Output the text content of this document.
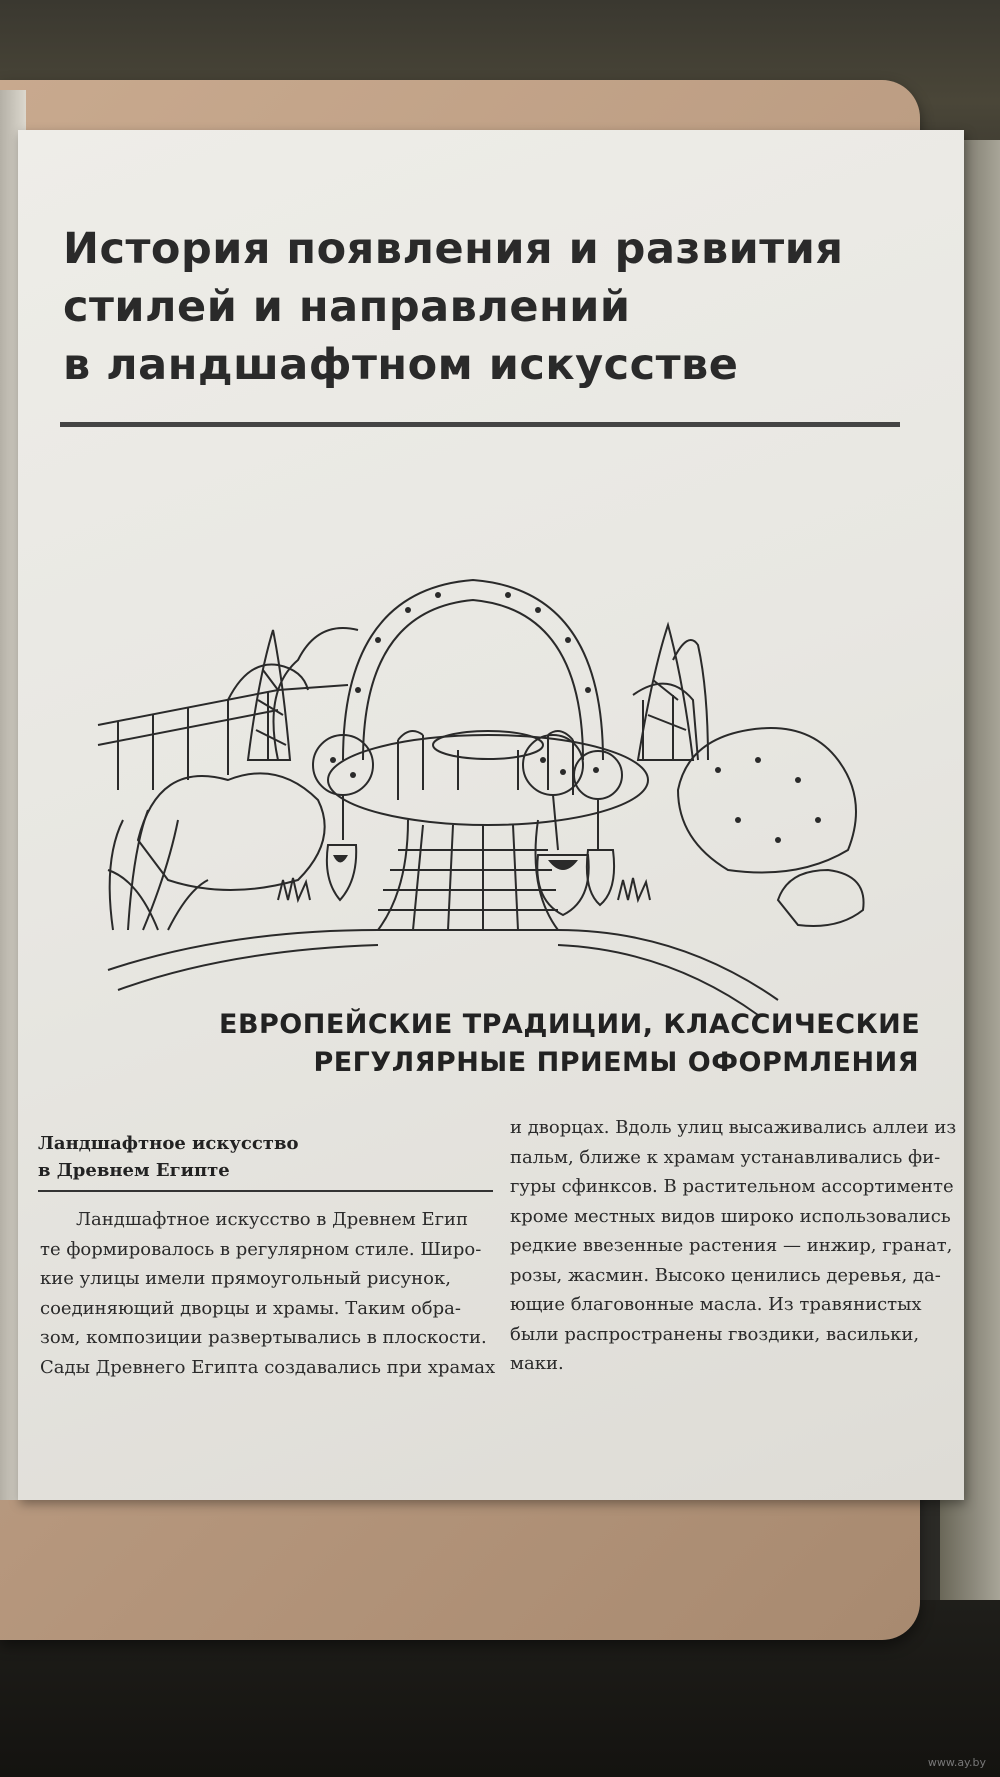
История появления и развития
стилей и направлений
в ландшафтном искусстве
ЕВРОПЕЙСКИЕ ТРАДИЦИИ, КЛАССИЧЕСКИЕ
РЕГУЛЯРНЫЕ ПРИЕМЫ ОФОРМЛЕНИЯ
Ландшафтное искусство
в Древнем Египте
Ландшафтное искусство в Древнем Егип
те формировалось в регулярном стиле. Широ-
кие улицы имели прямоугольный рисунок,
соединяющий дворцы и храмы. Таким обра-
зом, композиции развертывались в плоскости.
Сады Древнего Египта создавались при храмах
и дворцах. Вдоль улиц высаживались аллеи из
пальм, ближе к храмам устанавливались фи-
гуры сфинксов. В растительном ассортименте
кроме местных видов широко использовались
редкие ввезенные растения — инжир, гранат,
розы, жасмин. Высоко ценились деревья, да-
ющие благовонные масла. Из травянистых
были распространены гвоздики, васильки,
маки.
www.ay.by
